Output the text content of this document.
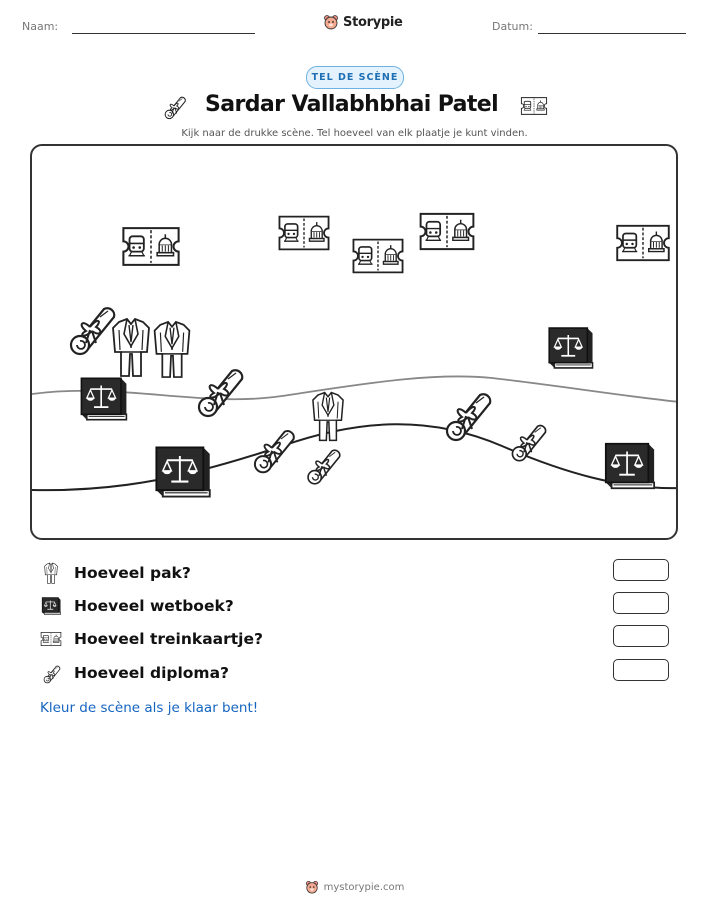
Naam:	Storypie	Datum:
TEL DE SCÈNE
Sardar Vallabhbhai Patel
Kijk naar de drukke scène. Tel hoeveel van elk plaatje je kunt vinden.
Hoeveel pak?
Hoeveel wetboek?
Hoeveel treinkaartje?
Hoeveel diploma?
Kleur de scène als je klaar bent!
mystorypie.com
